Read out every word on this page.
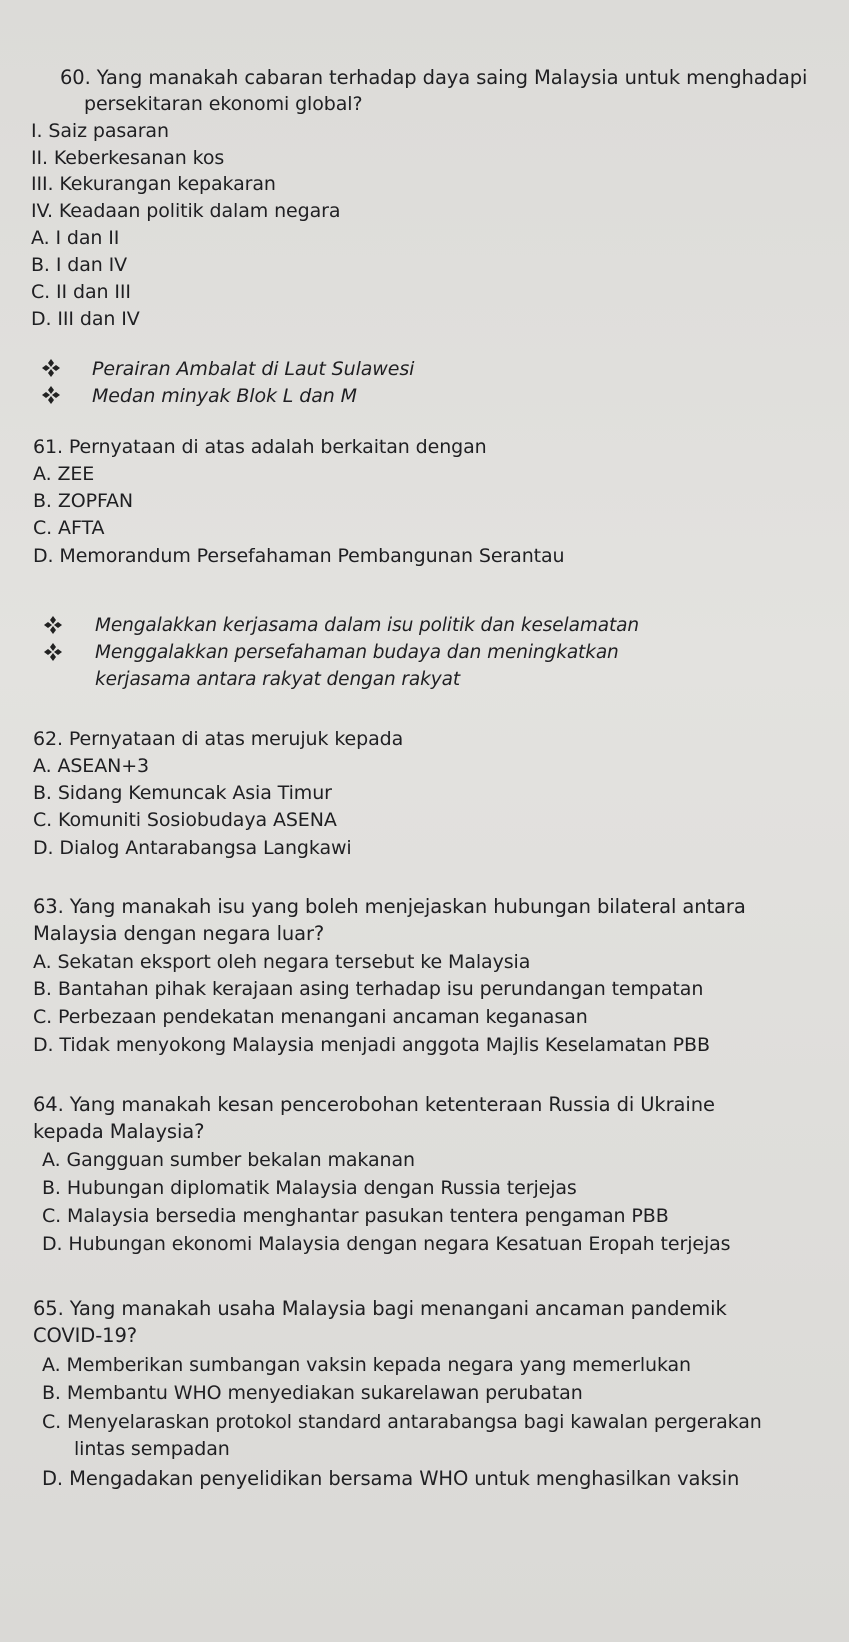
60. Yang manakah cabaran terhadap daya saing Malaysia untuk menghadapi
persekitaran ekonomi global?
I. Saiz pasaran
II. Keberkesanan kos
III. Kekurangan kepakaran
IV. Keadaan politik dalam negara
A. I dan II
B. I dan IV
C. II dan III
D. III dan IV
Perairan Ambalat di Laut Sulawesi
Medan minyak Blok L dan M
61. Pernyataan di atas adalah berkaitan dengan
A. ZEE
B. ZOPFAN
C. AFTA
D. Memorandum Persefahaman Pembangunan Serantau
Mengalakkan kerjasama dalam isu politik dan keselamatan
Menggalakkan persefahaman budaya dan meningkatkan
kerjasama antara rakyat dengan rakyat
62. Pernyataan di atas merujuk kepada
A. ASEAN+3
B. Sidang Kemuncak Asia Timur
C. Komuniti Sosiobudaya ASENA
D. Dialog Antarabangsa Langkawi
63. Yang manakah isu yang boleh menjejaskan hubungan bilateral antara
Malaysia dengan negara luar?
A. Sekatan eksport oleh negara tersebut ke Malaysia
B. Bantahan pihak kerajaan asing terhadap isu perundangan tempatan
C. Perbezaan pendekatan menangani ancaman keganasan
D. Tidak menyokong Malaysia menjadi anggota Majlis Keselamatan PBB
64. Yang manakah kesan pencerobohan ketenteraan Russia di Ukraine
kepada Malaysia?
A. Gangguan sumber bekalan makanan
B. Hubungan diplomatik Malaysia dengan Russia terjejas
C. Malaysia bersedia menghantar pasukan tentera pengaman PBB
D. Hubungan ekonomi Malaysia dengan negara Kesatuan Eropah terjejas
65. Yang manakah usaha Malaysia bagi menangani ancaman pandemik
COVID-19?
A. Memberikan sumbangan vaksin kepada negara yang memerlukan
B. Membantu WHO menyediakan sukarelawan perubatan
C. Menyelaraskan protokol standard antarabangsa bagi kawalan pergerakan
lintas sempadan
D. Mengadakan penyelidikan bersama WHO untuk menghasilkan vaksin
